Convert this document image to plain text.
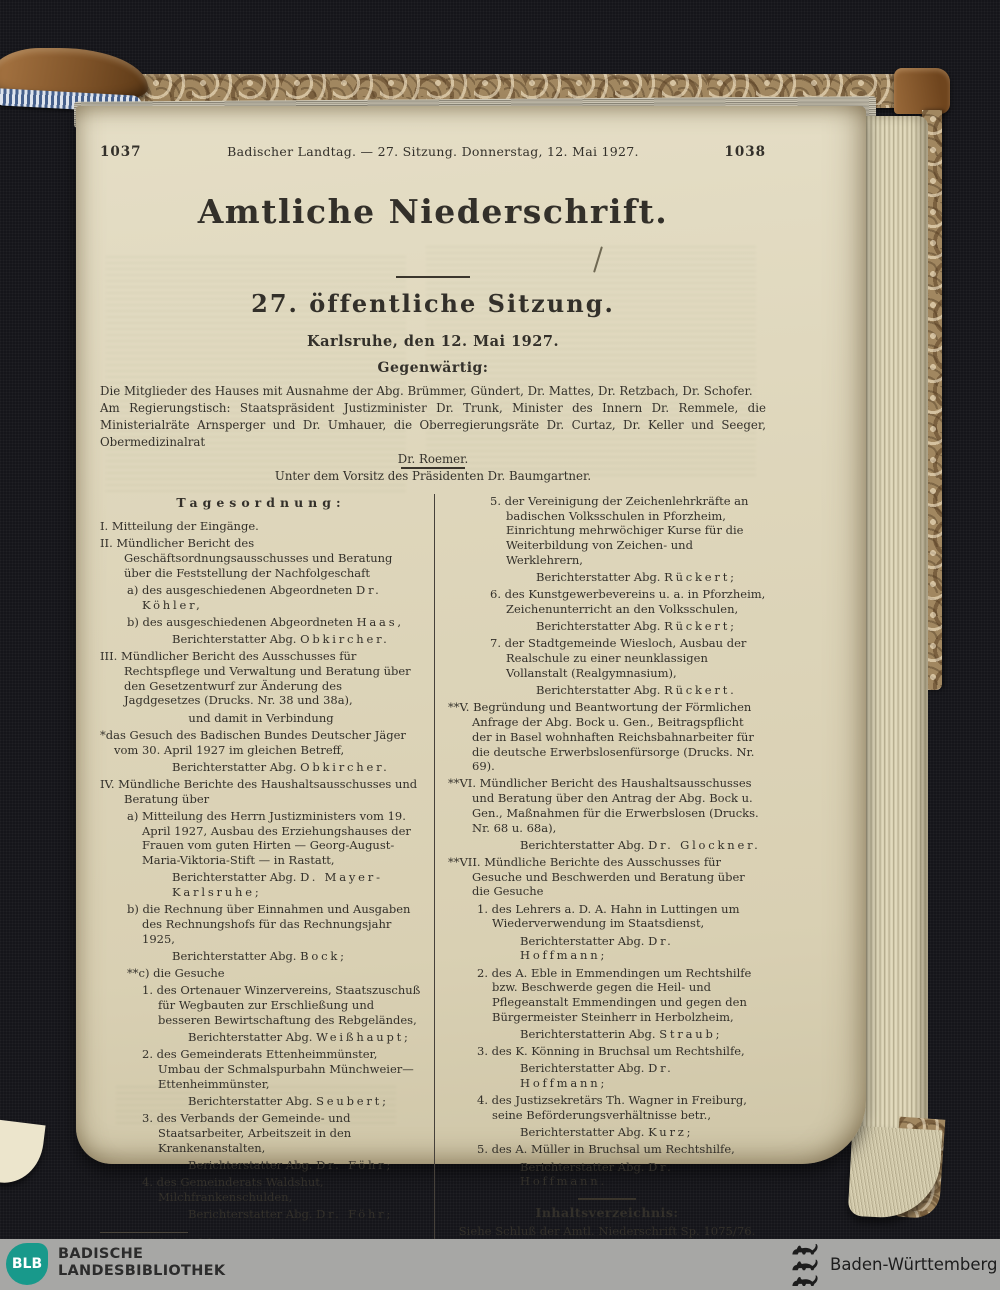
1037	Badischer Landtag. — 27. Sitzung. Donnerstag, 12. Mai 1927.	1038
Amtliche Niederschrift.
27. öffentliche Sitzung.
Karlsruhe, den 12. Mai 1927.
Gegenwärtig:
Die Mitglieder des Hauses mit Ausnahme der Abg. Brümmer, Gündert, Dr. Mattes, Dr. Retzbach, Dr. Schofer.
Am Regierungstisch: Staatspräsident Justizminister Dr. Trunk, Minister des Innern Dr. Remmele, die Ministerialräte Arnsperger und Dr. Umhauer, die Oberregierungsräte Dr. Curtaz, Dr. Keller und Seeger, Obermedizinalrat
Dr. Roemer.
Unter dem Vorsitz des Präsidenten Dr. Baumgartner.
Tagesordnung:
I. Mitteilung der Eingänge.
II. Mündlicher Bericht des Geschäftsordnungsausschusses und Beratung über die Feststellung der Nachfolgeschaft
a) des ausgeschiedenen Abgeordneten Dr. Köhler,
b) des ausgeschiedenen Abgeordneten Haas,
Berichterstatter Abg. Obkircher.
III. Mündlicher Bericht des Ausschusses für Rechtspflege und Verwaltung und Beratung über den Gesetzentwurf zur Änderung des Jagdgesetzes (Drucks. Nr. 38 und 38a),
und damit in Verbindung
*das Gesuch des Badischen Bundes Deutscher Jäger vom 30. April 1927 im gleichen Betreff,
Berichterstatter Abg. Obkircher.
IV. Mündliche Berichte des Haushaltsausschusses und Beratung über
a) Mitteilung des Herrn Justizministers vom 19. April 1927, Ausbau des Erziehungshauses der Frauen vom guten Hirten — Georg-August-Maria-Viktoria-Stift — in Rastatt,
Berichterstatter Abg. D. Mayer-Karlsruhe;
b) die Rechnung über Einnahmen und Ausgaben des Rechnungshofs für das Rechnungsjahr 1925,
Berichterstatter Abg. Bock;
**c) die Gesuche
1. des Ortenauer Winzervereins, Staatszuschuß für Wegbauten zur Erschließung und besseren Bewirtschaftung des Rebgeländes,
Berichterstatter Abg. Weißhaupt;
2. des Gemeinderats Ettenheimmünster, Umbau der Schmalspurbahn Münchweier—Ettenheimmünster,
Berichterstatter Abg. Seubert;
3. des Verbands der Gemeinde- und Staatsarbeiter, Arbeitszeit in den Krankenanstalten,
Berichterstatter Abg. Dr. Föhr;
4. des Gemeinderats Waldshut, Milchfrankenschulden,
Berichterstatter Abg. Dr. Föhr;
5. der Vereinigung der Zeichenlehrkräfte an badischen Volksschulen in Pforzheim, Einrichtung mehrwöchiger Kurse für die Weiterbildung von Zeichen- und Werklehrern,
Berichterstatter Abg. Rückert;
6. des Kunstgewerbevereins u. a. in Pforzheim, Zeichenunterricht an den Volksschulen,
Berichterstatter Abg. Rückert;
7. der Stadtgemeinde Wiesloch, Ausbau der Realschule zu einer neunklassigen Vollanstalt (Realgymnasium),
Berichterstatter Abg. Rückert.
**V. Begründung und Beantwortung der Förmlichen Anfrage der Abg. Bock u. Gen., Beitragspflicht der in Basel wohnhaften Reichsbahnarbeiter für die deutsche Erwerbslosenfürsorge (Drucks. Nr. 69).
**VI. Mündlicher Bericht des Haushaltsausschusses und Beratung über den Antrag der Abg. Bock u. Gen., Maßnahmen für die Erwerbslosen (Drucks. Nr. 68 u. 68a),
Berichterstatter Abg. Dr. Glockner.
**VII. Mündliche Berichte des Ausschusses für Gesuche und Beschwerden und Beratung über die Gesuche
1. des Lehrers a. D. A. Hahn in Luttingen um Wiederverwendung im Staatsdienst,
Berichterstatter Abg. Dr. Hoffmann;
2. des A. Eble in Emmendingen um Rechtshilfe bzw. Beschwerde gegen die Heil- und Pflegeanstalt Emmendingen und gegen den Bürgermeister Steinherr in Herbolzheim,
Berichterstatterin Abg. Straub;
3. des K. Könning in Bruchsal um Rechtshilfe,
Berichterstatter Abg. Dr. Hoffmann;
4. des Justizsekretärs Th. Wagner in Freiburg, seine Beförderungsverhältnisse betr.,
Berichterstatter Abg. Kurz;
5. des A. Müller in Bruchsal um Rechtshilfe,
Berichterstatter Abg. Dr. Hoffmann.
Inhaltsverzeichnis:
Siehe Schluß der Amtl. Niederschrift Sp. 1075/76.
BLB
BADISCHE
LANDESBIBLIOTHEK	Baden-Württemberg
